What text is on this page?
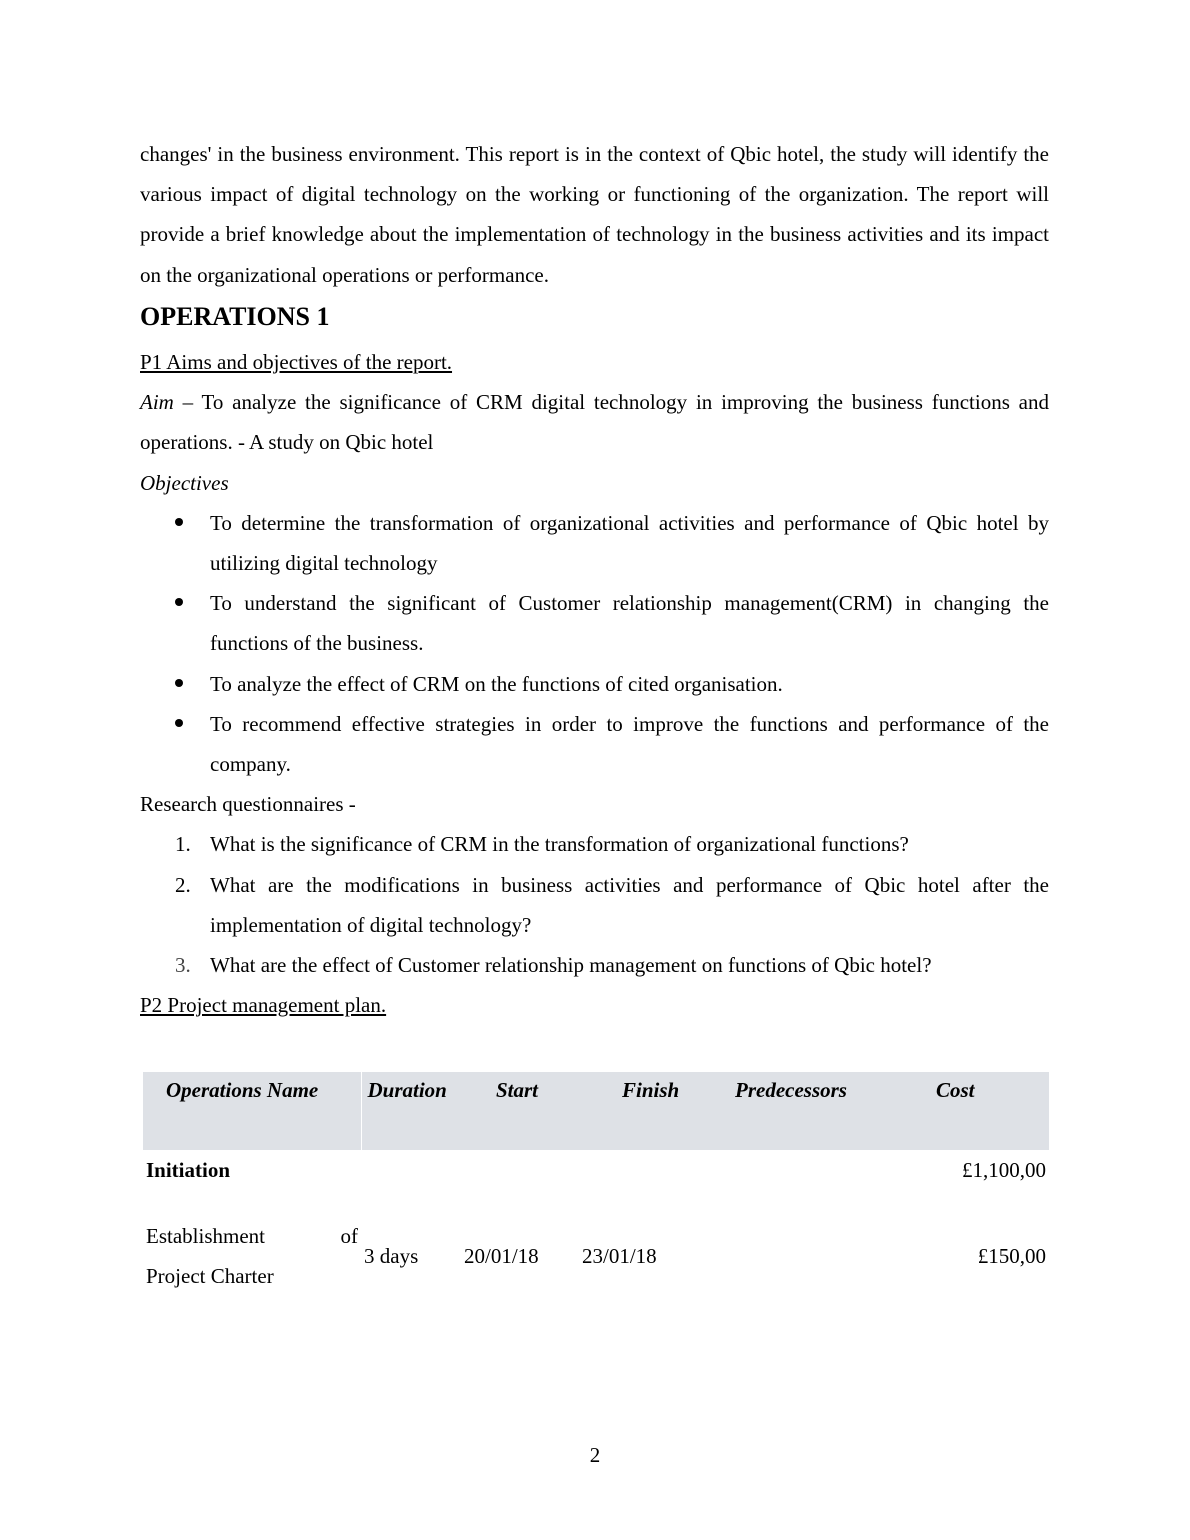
changes' in the business environment. This report is in the context of Qbic hotel, the study will identify the various impact of digital technology on the working or functioning of the organization. The report will provide a brief knowledge about the implementation of technology in the business activities and its impact on the organizational operations or performance.

OPERATIONS 1

P1 Aims and objectives of the report.

Aim – To analyze the significance of CRM digital technology in improving the business functions and operations. - A study on Qbic hotel

Objectives

To determine the transformation of organizational activities and performance of Qbic hotel by utilizing digital technology
To understand the significant of Customer relationship management(CRM) in changing the functions of the business.
To analyze the effect of CRM on the functions of cited organisation.
To recommend effective strategies in order to improve the functions and performance of the company.

Research questionnaires -

1. What is the significance of CRM in the transformation of organizational functions?
2. What are the modifications in business activities and performance of Qbic hotel after the implementation of digital technology?
3. What are the effect of Customer relationship management on functions of Qbic hotel?

P2 Project management plan.

2
Operations Name	Duration	Start	Finish	Predecessors	Cost
Initiation					£1,100,00

Establishment of
Project Charter	3 days	20/01/18	23/01/18		£150,00
